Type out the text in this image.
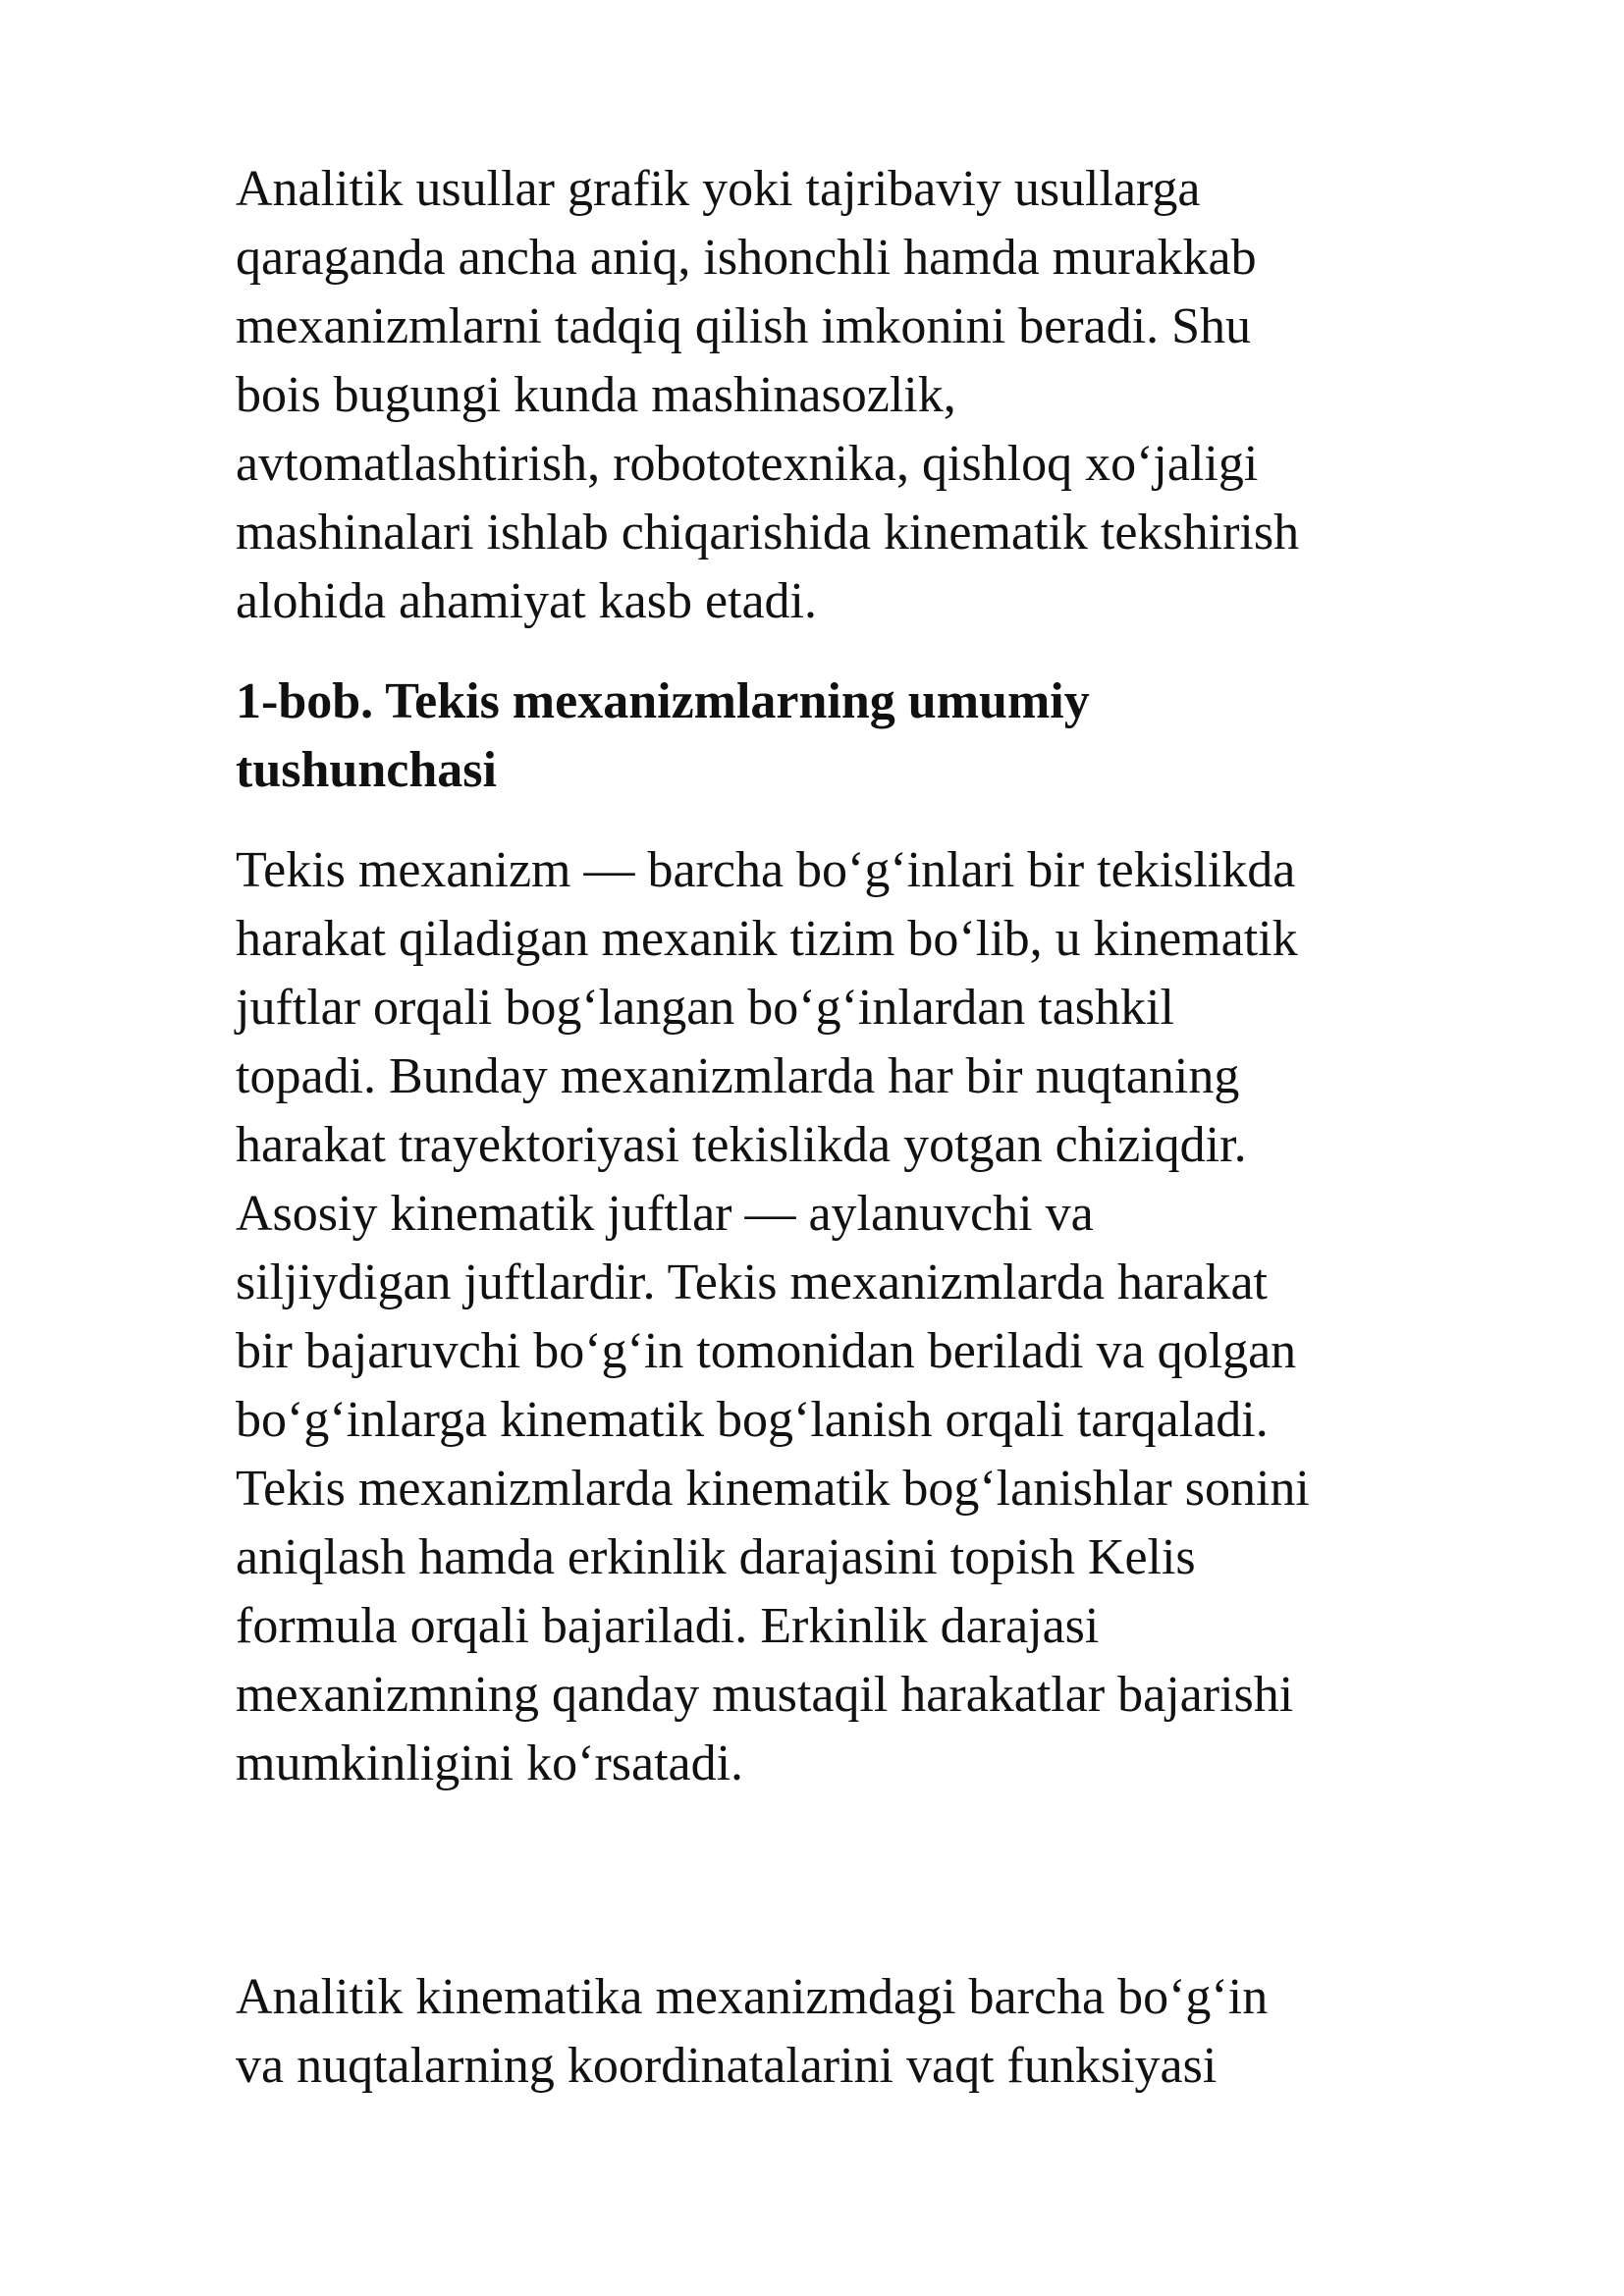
Analitik usullar grafik yoki tajribaviy usullarga
qaraganda ancha aniq, ishonchli hamda murakkab
mexanizmlarni tadqiq qilish imkonini beradi. Shu
bois bugungi kunda mashinasozlik,
avtomatlashtirish, robototexnika, qishloq xo‘jaligi
mashinalari ishlab chiqarishida kinematik tekshirish
alohida ahamiyat kasb etadi.

1-bob. Tekis mexanizmlarning umumiy
tushunchasi

Tekis mexanizm — barcha bo‘g‘inlari bir tekislikda
harakat qiladigan mexanik tizim bo‘lib, u kinematik
juftlar orqali bog‘langan bo‘g‘inlardan tashkil
topadi. Bunday mexanizmlarda har bir nuqtaning
harakat trayektoriyasi tekislikda yotgan chiziqdir.
Asosiy kinematik juftlar — aylanuvchi va
siljiydigan juftlardir. Tekis mexanizmlarda harakat
bir bajaruvchi bo‘g‘in tomonidan beriladi va qolgan
bo‘g‘inlarga kinematik bog‘lanish orqali tarqaladi.
Tekis mexanizmlarda kinematik bog‘lanishlar sonini
aniqlash hamda erkinlik darajasini topish Kelis
formula orqali bajariladi. Erkinlik darajasi
mexanizmning qanday mustaqil harakatlar bajarishi
mumkinligini ko‘rsatadi.

Analitik kinematika mexanizmdagi barcha bo‘g‘in
va nuqtalarning koordinatalarini vaqt funksiyasi
